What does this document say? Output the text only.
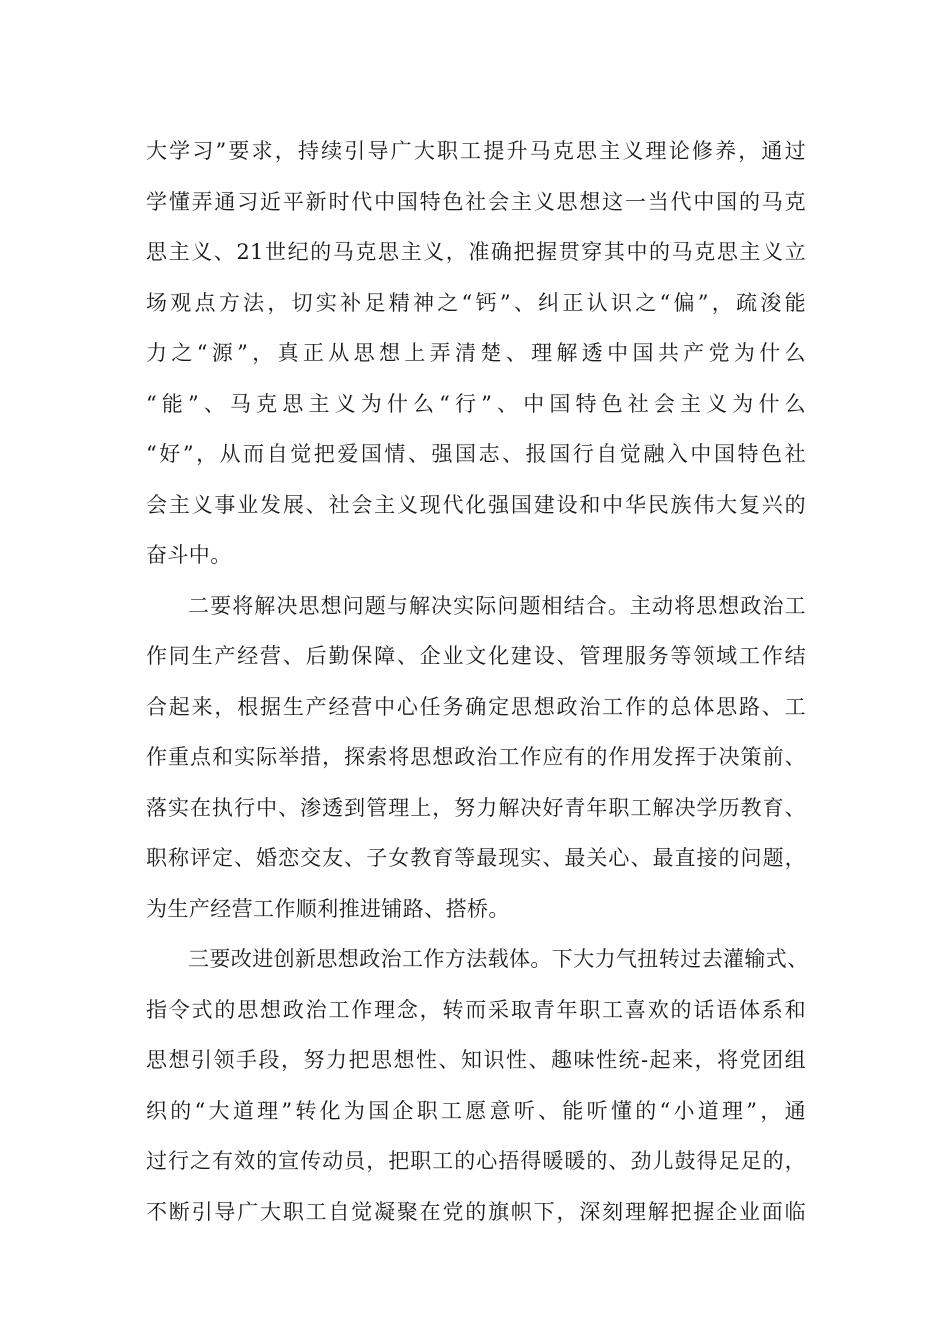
大学习”要求，持续引导广大职工提升马克思主义理论修养，通过
学懂弄通习近平新时代中国特色社会主义思想这一当代中国的马克
思主义、21世纪的马克思主义，准确把握贯穿其中的马克思主义立
场观点方法，切实补足精神之“钙”、纠正认识之“偏”，疏浚能
力之“源”，真正从思想上弄清楚、理解透中国共产党为什么
“能”、马克思主义为什么“行”、中国特色社会主义为什么
“好”，从而自觉把爱国情、强国志、报国行自觉融入中国特色社
会主义事业发展、社会主义现代化强国建设和中华民族伟大复兴的
奋斗中。
二要将解决思想问题与解决实际问题相结合。主动将思想政治工
作同生产经营、后勤保障、企业文化建设、管理服务等领域工作结
合起来，根据生产经营中心任务确定思想政治工作的总体思路、工
作重点和实际举措，探索将思想政治工作应有的作用发挥于决策前、
落实在执行中、渗透到管理上，努力解决好青年职工解决学历教育、
职称评定、婚恋交友、子女教育等最现实、最关心、最直接的问题，
为生产经营工作顺利推进铺路、搭桥。
三要改进创新思想政治工作方法载体。下大力气扭转过去灌输式、
指令式的思想政治工作理念，转而采取青年职工喜欢的话语体系和
思想引领手段，努力把思想性、知识性、趣味性统-起来，将党团组
织的“大道理”转化为国企职工愿意听、能听懂的“小道理”，通
过行之有效的宣传动员，把职工的心捂得暖暖的、劲儿鼓得足足的，
不断引导广大职工自觉凝聚在党的旗帜下，深刻理解把握企业面临
